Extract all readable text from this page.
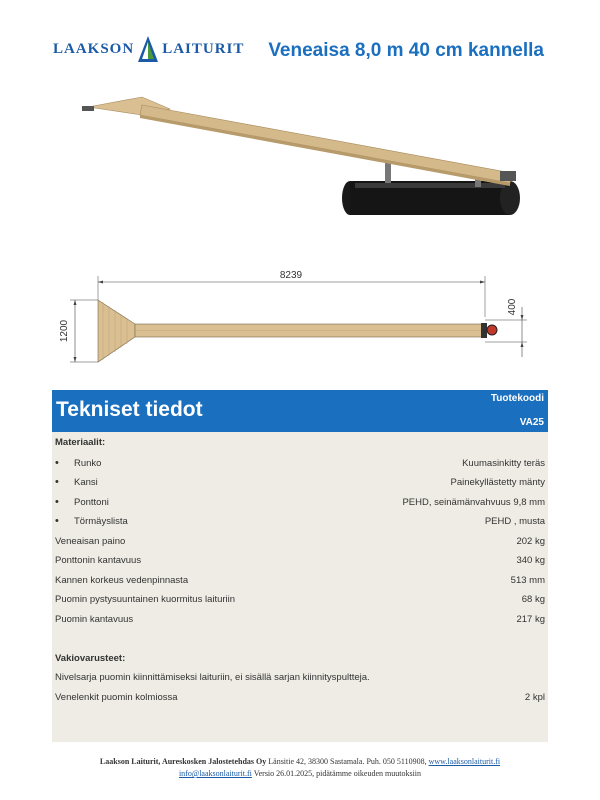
LAAKSON LAITURIT Veneaisa 8,0 m 40 cm kannella
8239
1200
400
Tekniset tiedot	Tuotekoodi
VA25
Materiaalit:
• Runko	Kuumasinkitty teräs
• Kansi	Painekyllästetty mänty
• Ponttoni	PEHD, seinämänvahvuus 9,8 mm
• Törmäyslista	PEHD , musta
Veneaisan paino	202 kg
Ponttonin kantavuus	340 kg
Kannen korkeus vedenpinnasta	513 mm
Puomin pystysuuntainen kuormitus laituriin	68 kg
Puomin kantavuus	217 kg
Vakiovarusteet:
Nivelsarja puomin kiinnittämiseksi laituriin, ei sisällä sarjan kiinnityspultteja.
Venelenkit puomin kolmiossa	2 kpl
Laakson Laiturit, Aureskosken Jalostetehdas Oy Länsitie 42, 38300 Sastamala. Puh. 050 5110908, www.laaksonlaiturit.fi
info@laaksonlaiturit.fi Versio 26.01.2025, pidätämme oikeuden muutoksiin
